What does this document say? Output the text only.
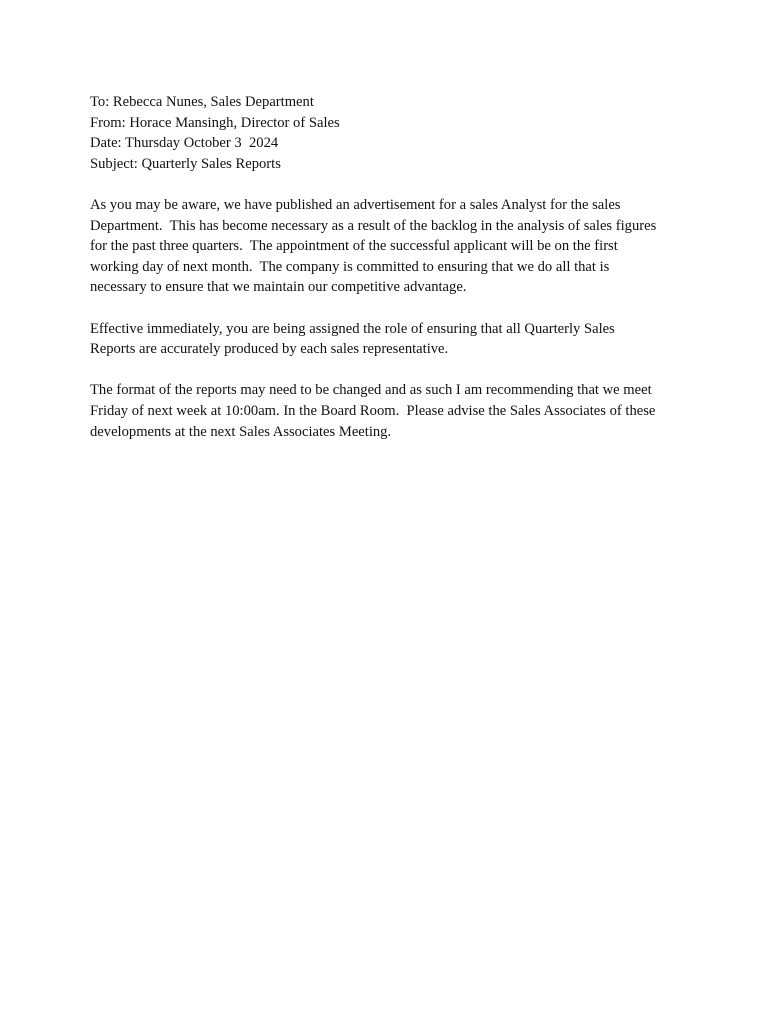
To: Rebecca Nunes, Sales Department
From: Horace Mansingh, Director of Sales
Date: Thursday October 3  2024
Subject: Quarterly Sales Reports

As you may be aware, we have published an advertisement for a sales Analyst for the sales
Department.  This has become necessary as a result of the backlog in the analysis of sales figures
for the past three quarters.  The appointment of the successful applicant will be on the first
working day of next month.  The company is committed to ensuring that we do all that is
necessary to ensure that we maintain our competitive advantage.

Effective immediately, you are being assigned the role of ensuring that all Quarterly Sales
Reports are accurately produced by each sales representative.

The format of the reports may need to be changed and as such I am recommending that we meet
Friday of next week at 10:00am. In the Board Room.  Please advise the Sales Associates of these
developments at the next Sales Associates Meeting.
